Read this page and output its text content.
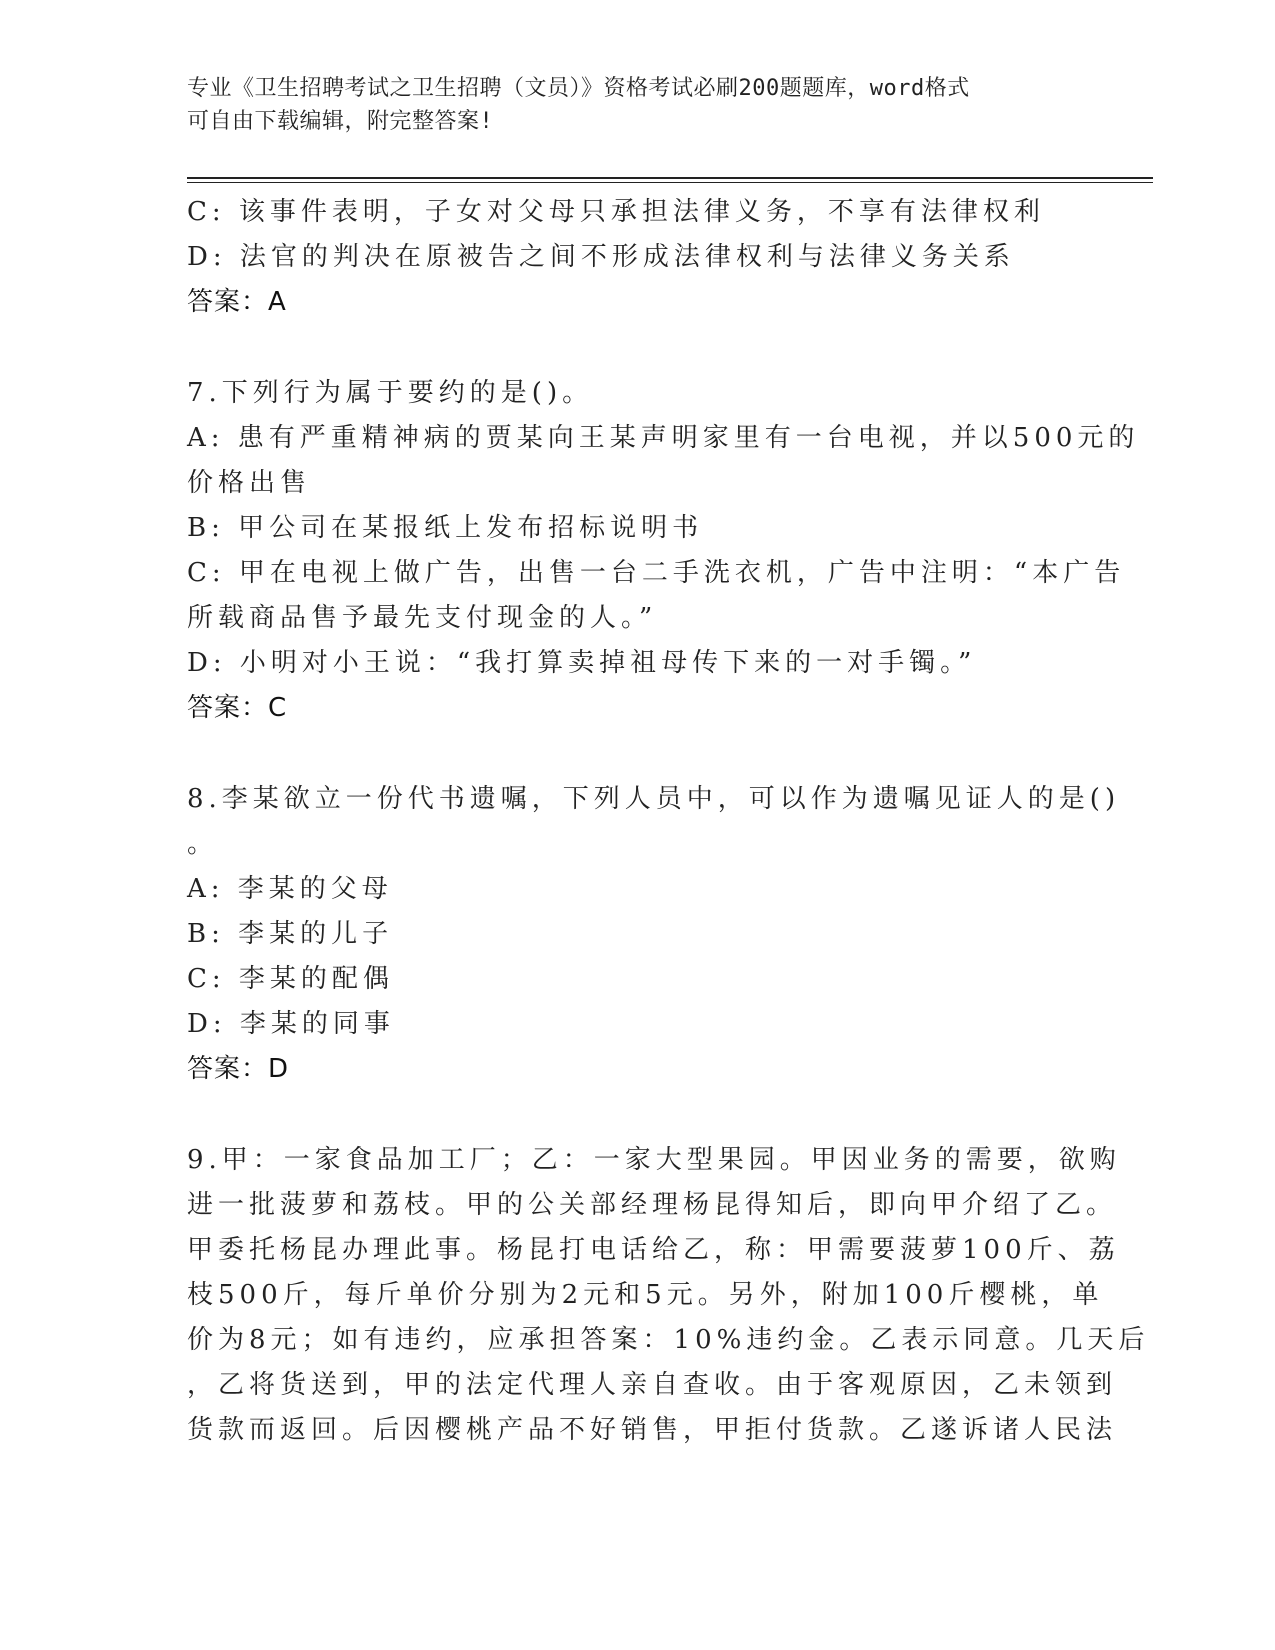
专业《卫生招聘考试之卫生招聘（文员）》资格考试必刷200题题库，word格式
可自由下载编辑，附完整答案!
C: 该事件表明，子女对父母只承担法律义务，不享有法律权利
D: 法官的判决在原被告之间不形成法律权利与法律义务关系
答案：A
7.下列行为属于要约的是()。
A: 患有严重精神病的贾某向王某声明家里有一台电视，并以500元的
价格出售
B: 甲公司在某报纸上发布招标说明书
C: 甲在电视上做广告，出售一台二手洗衣机，广告中注明：“本广告
所载商品售予最先支付现金的人。”
D: 小明对小王说：“我打算卖掉祖母传下来的一对手镯。”
答案：C
8.李某欲立一份代书遗嘱，下列人员中，可以作为遗嘱见证人的是()
。
A: 李某的父母
B: 李某的儿子
C: 李某的配偶
D: 李某的同事
答案：D
9.甲：一家食品加工厂；乙：一家大型果园。甲因业务的需要，欲购
进一批菠萝和荔枝。甲的公关部经理杨昆得知后，即向甲介绍了乙。
甲委托杨昆办理此事。杨昆打电话给乙，称：甲需要菠萝100斤、荔
枝500斤，每斤单价分别为2元和5元。另外，附加100斤樱桃，单
价为8元；如有违约，应承担答案：10%违约金。乙表示同意。几天后
，乙将货送到，甲的法定代理人亲自查收。由于客观原因，乙未领到
货款而返回。后因樱桃产品不好销售，甲拒付货款。乙遂诉诸人民法
